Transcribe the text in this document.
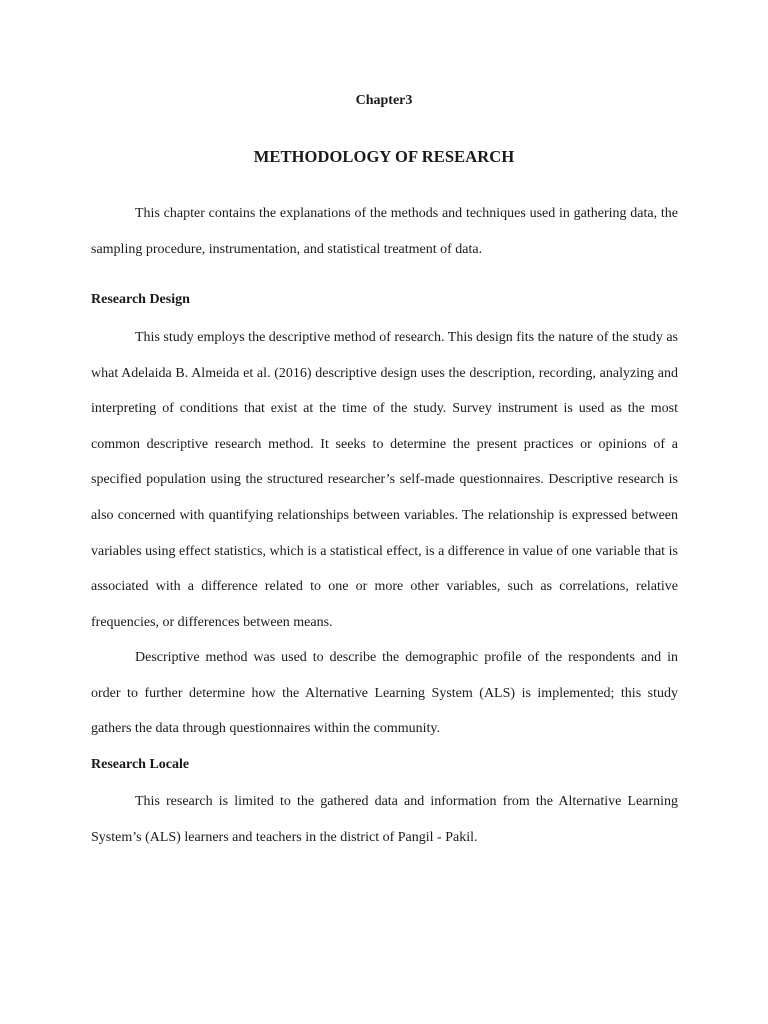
Chapter3
METHODOLOGY OF RESEARCH

This chapter contains the explanations of the methods and techniques used in gathering data, the sampling procedure, instrumentation, and statistical treatment of data.

Research Design

This study employs the descriptive method of research. This design fits the nature of the study as what Adelaida B. Almeida et al. (2016) descriptive design uses the description, recording, analyzing and interpreting of conditions that exist at the time of the study. Survey instrument is used as the most common descriptive research method. It seeks to determine the present practices or opinions of a specified population using the structured researcher’s self-made questionnaires. Descriptive research is also concerned with quantifying relationships between variables. The relationship is expressed between variables using effect statistics, which is a statistical effect, is a difference in value of one variable that is associated with a difference related to one or more other variables, such as correlations, relative frequencies, or differences between means.

Descriptive method was used to describe the demographic profile of the respondents and in order to further determine how the Alternative Learning System (ALS) is implemented; this study gathers the data through questionnaires within the community.

Research Locale

This research is limited to the gathered data and information from the Alternative Learning System’s (ALS) learners and teachers in the district of Pangil - Pakil.
